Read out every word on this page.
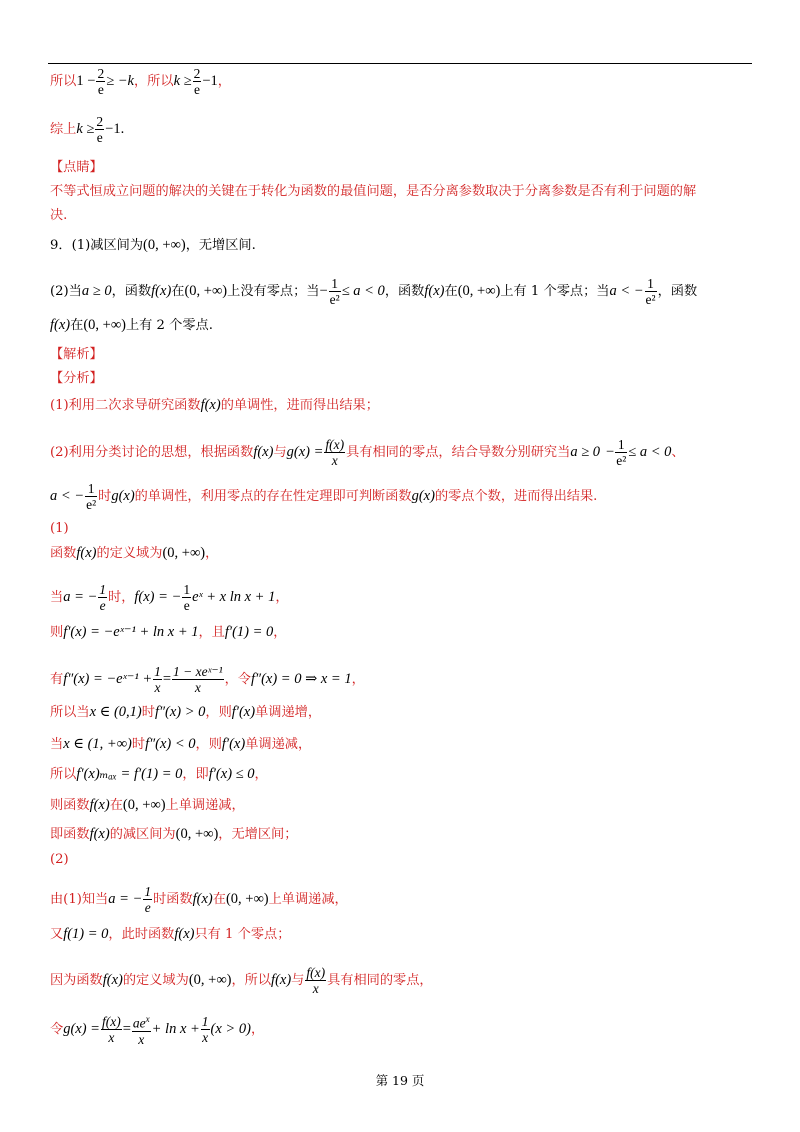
所以$1 - \frac{2}{e} \ge -k$，所以$k \ge \frac{2}{e} -1$，
综上$k \ge \frac{2}{e} -1$.
【点睛】
不等式恒成立问题的解决的关键在于转化为函数的最值问题，是否分离参数取决于分离参数是否有利于问题的解
决.
9．(1)减区间为(0, +∞)，无增区间.
(2)当a ≥ 0，函数f(x)在(0, +∞)上没有零点；当− $\frac{1}{\text{e²}} \le a < 0$，函数f(x)在(0, +∞)上有 1 个零点；当a < − $\frac{1}{\text{e²}}$ ，函数
f(x)在(0, +∞)上有 2 个零点.
【解析】
【分析】
(1)利用二次求导研究函数f(x)的单调性，进而得出结果；
(2)利用分类讨论的思想，根据函数f(x)与$g(x) = \frac{f(x)}{x}$ 具有相同的零点，结合导数分别研究当$a \ge 0 - \frac{1}{\text{e²}} \le a < 0$、
a < − $\frac{1}{\text{e²}}$ 时g(x)的单调性，利用零点的存在性定理即可判断函数g(x)的零点个数，进而得出结果.
(1)
函数f(x)的定义域为(0, +∞)，
当a = − $\frac{1}{e}$ 时，f(x) = − $\frac{1}{e}$ eˣ + x ln x + 1，
则f′(x) = −eˣ⁻¹ + ln x + 1，且f′(1) = 0，
有f″(x) = −eˣ⁻¹ + $\frac{1}{x} = \frac{\text{1 − xeˣ⁻¹}}{x}$ ，令f″(x) = 0 ⇒ x = 1，
所以当x ∈ (0,1)时f″(x) > 0，则f′(x)单调递增，
当x ∈ (1, +∞)时f″(x) < 0，则f′(x)单调递减，
所以f′(x)ₘₐₓ = f′(1) = 0，即f′(x) ≤ 0，
则函数f(x)在(0, +∞)上单调递减，
即函数f(x)的减区间为(0, +∞)，无增区间；
(2)
由(1)知当a = − $\frac{1}{e}$ 时函数f(x)在(0, +∞)上单调递减，
又f(1) = 0，此时函数f(x)只有 1 个零点；
因为函数f(x)的定义域为(0, +∞)，所以f(x)与 $\frac{f(x)}{x}$ 具有相同的零点，
令$g(x) = \frac{f(x)}{x} = \frac{ae^x}{x} + \ln x + \frac{1}{x} (x > 0)$，
第 19 页
